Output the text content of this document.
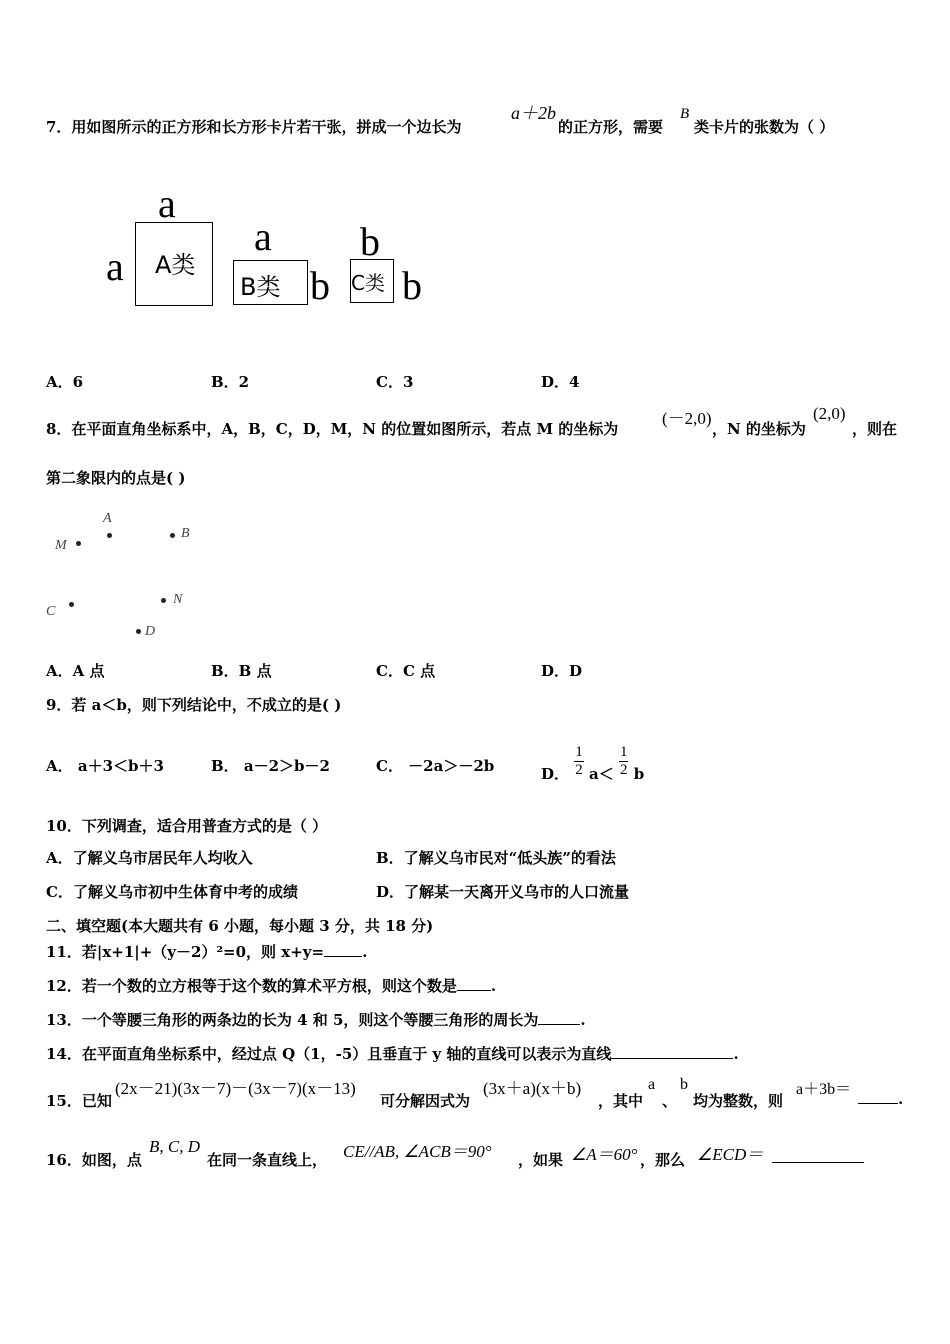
7．用如图所示的正方形和长方形卡片若干张，拼成一个边长为
a＋2b
的正方形，需要
B
类卡片的张数为（ ）
a
a A类
a
B类 b
b
C类 b
A．6	B．2	C．3	D．4
8．在平面直角坐标系中，A，B，C，D，M，N 的位置如图所示，若点 M 的坐标为
(－2,0)
，N 的坐标为
(2,0)
，则在
第二象限内的点是( )
A
B
M
C
N
D
A．A 点	B．B 点	C．C 点	D．D
9．若 a＜b，则下列结论中，不成立的是( )
A． a＋3＜b＋3	B． a－2＞b－2	C． －2a＞－2b	D． $\frac{1}{2} a< \frac{1}{2}$ b
10．下列调查，适合用普查方式的是（ ）
A．了解义乌市居民年人均收入	B．了解义乌市民对“低头族”的看法
C．了解义乌市初中生体育中考的成绩	D．了解某一天离开义乌市的人口流量
二、填空题(本大题共有 6 小题，每小题 3 分，共 18 分)
11．若|x+1|+（y－2）²=0，则 x+y=	.
12．若一个数的立方根等于这个数的算术平方根，则这个数是 .
13．一个等腰三角形的两条边的长为 4 和 5，则这个等腰三角形的周长为	.
14．在平面直角坐标系中，经过点 Q（1，-5）且垂直于 y 轴的直线可以表示为直线	.
15．已知
(2x－21)(3x－7)－(3x－7)(x－13)
可分解因式为
(3x＋a)(x＋b)
，其中
a
、
b
均为整数，则
a＋3b＝
.
16．如图，点
B, C, D
在同一条直线上， CE//AB, ∠ACB＝90° ，如果 ∠A＝60° ，那么 ∠ECD＝
